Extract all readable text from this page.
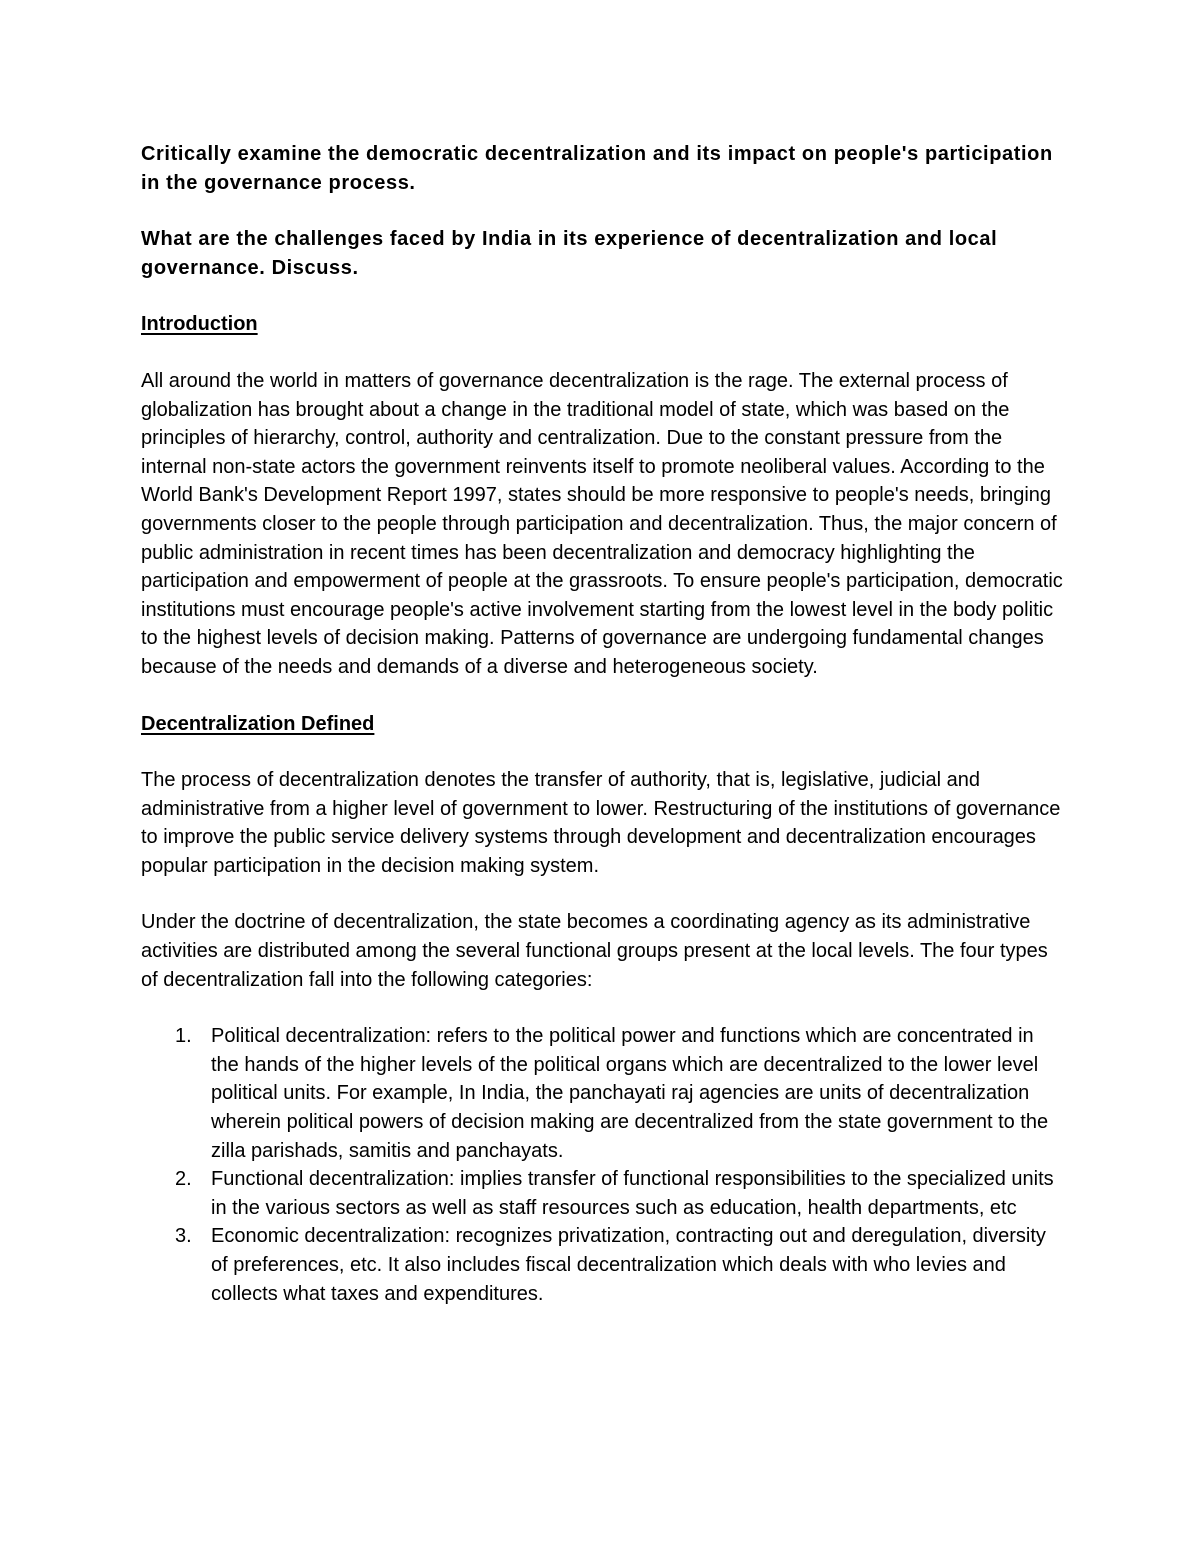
Critically examine the democratic decentralization and its impact on people's participation in the governance process.

What are the challenges faced by India in its experience of decentralization and local governance. Discuss.

Introduction

All around the world in matters of governance decentralization is the rage. The external process of globalization has brought about a change in the traditional model of state, which was based on the principles of hierarchy, control, authority and centralization. Due to the constant pressure from the internal non-state actors the government reinvents itself to promote neoliberal values. According to the World Bank's Development Report 1997, states should be more responsive to people's needs, bringing governments closer to the people through participation and decentralization. Thus, the major concern of public administration in recent times has been decentralization and democracy highlighting the participation and empowerment of people at the grassroots. To ensure people's participation, democratic institutions must encourage people's active involvement starting from the lowest level in the body politic to the highest levels of decision making. Patterns of governance are undergoing fundamental changes because of the needs and demands of a diverse and heterogeneous society.

Decentralization Defined

The process of decentralization denotes the transfer of authority, that is, legislative, judicial and administrative from a higher level of government to lower. Restructuring of the institutions of governance to improve the public service delivery systems through development and decentralization encourages popular participation in the decision making system.

Under the doctrine of decentralization, the state becomes a coordinating agency as its administrative activities are distributed among the several functional groups present at the local levels. The four types of decentralization fall into the following categories:

1. Political decentralization: refers to the political power and functions which are concentrated in the hands of the higher levels of the political organs which are decentralized to the lower level political units. For example, In India, the panchayati raj agencies are units of decentralization wherein political powers of decision making are decentralized from the state government to the zilla parishads, samitis and panchayats.
2. Functional decentralization: implies transfer of functional responsibilities to the specialized units in the various sectors as well as staff resources such as education, health departments, etc
3. Economic decentralization: recognizes privatization, contracting out and deregulation, diversity of preferences, etc. It also includes fiscal decentralization which deals with who levies and collects what taxes and expenditures.
